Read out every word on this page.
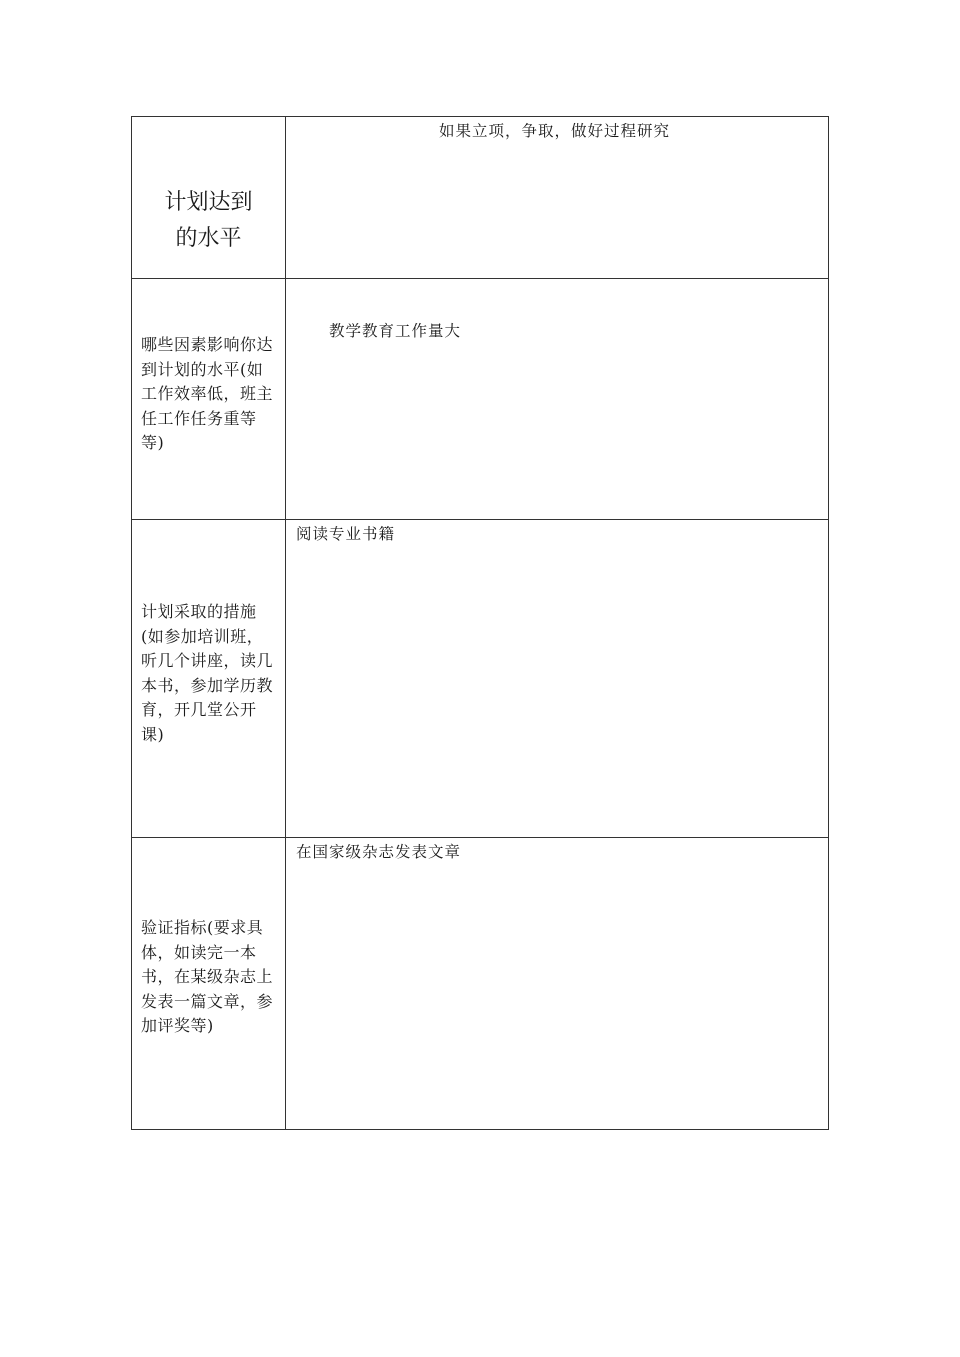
计划达到
的水平	如果立项，争取，做好过程研究

哪些因素影响你达到计划的水平(如工作效率低，班主任工作任务重等等)	教学教育工作量大

计划采取的措施(如参加培训班，听几个讲座，读几本书，参加学历教育，开几堂公开课)	阅读专业书籍

验证指标(要求具体，如读完一本书，在某级杂志上发表一篇文章，参加评奖等)	在国家级杂志发表文章
